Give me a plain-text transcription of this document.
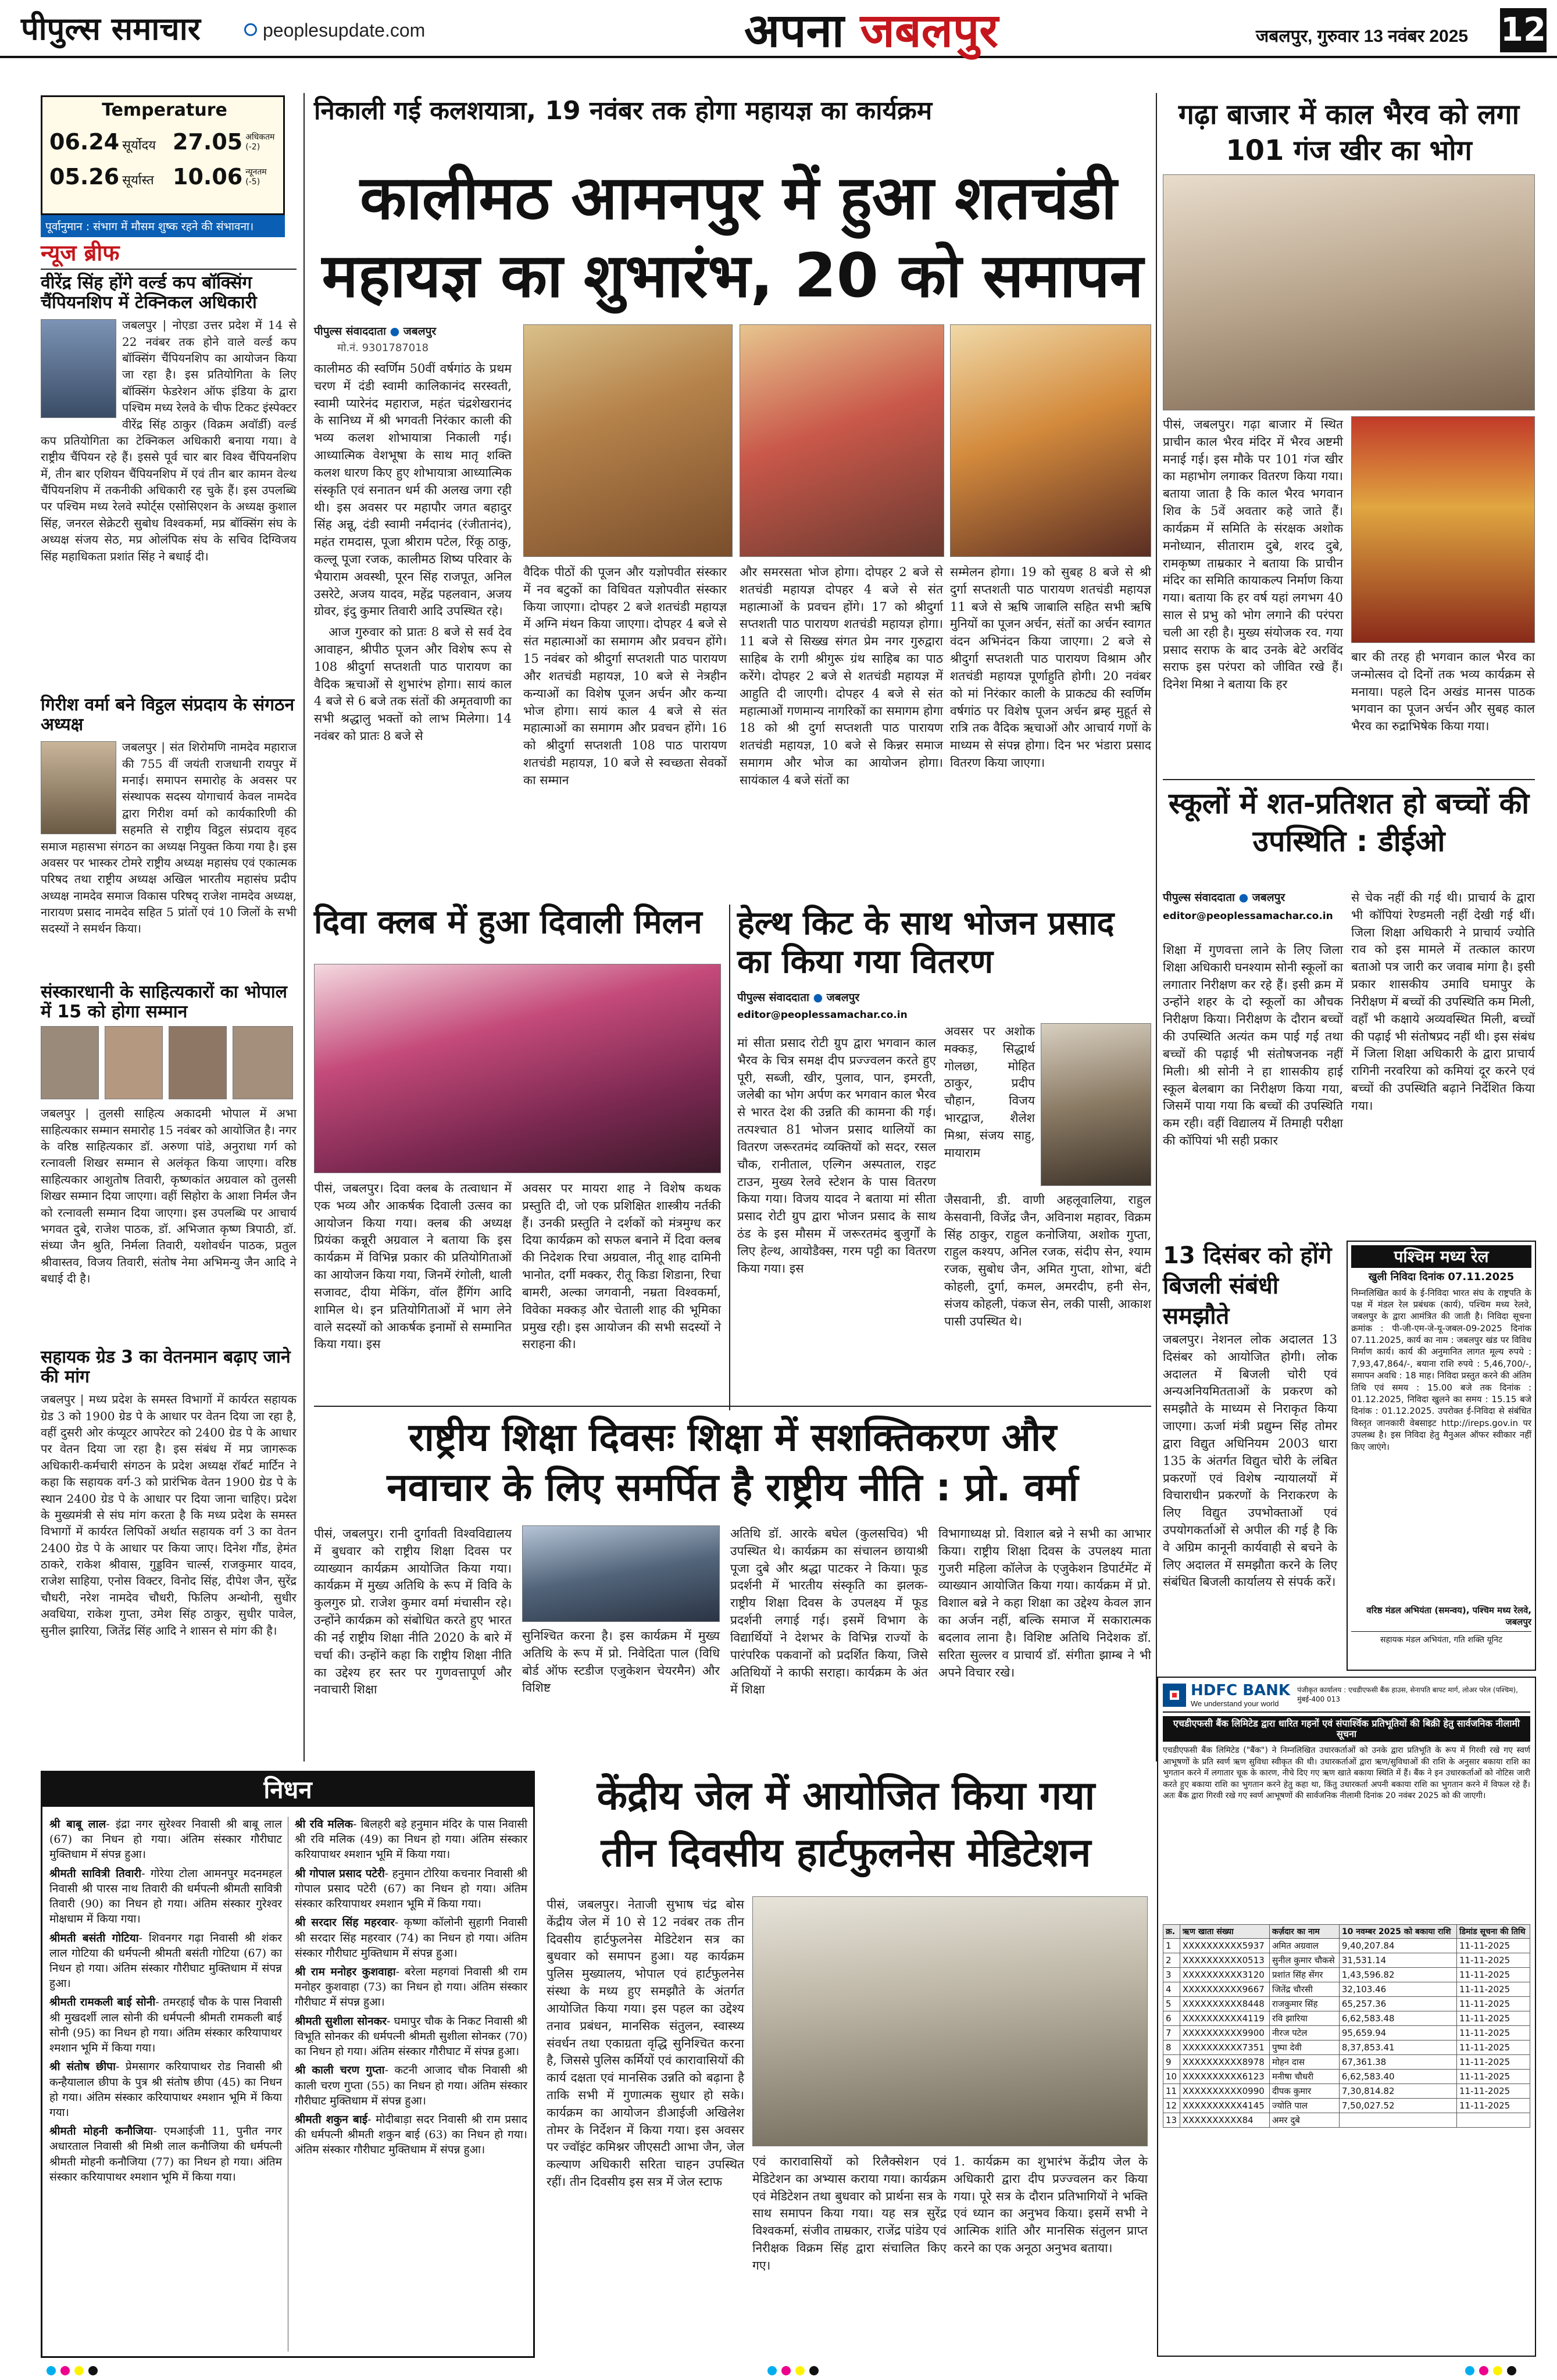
पीपुल्स समाचार	peoplesupdate.com	अपना जबलपुर	जबलपुर, गुरुवार 13 नवंबर 2025 12
Temperature
06.24 सूर्योदय
05.26 सूर्यास्त
27.05 अधिकतम (-2)
10.06 न्यूनतम (-5)
पूर्वानुमान : संभाग में मौसम शुष्क रहने की संभावना।
न्यूज ब्रीफ
वीरेंद्र सिंह होंगे वर्ल्ड कप बॉक्सिंग चैंपियनशिप में टेक्निकल अधिकारी
जबलपुर | नोएडा उत्तर प्रदेश में 14 से 22 नवंबर तक होने वाले वर्ल्ड कप बॉक्सिंग चैंपियनशिप का आयोजन किया जा रहा है। इस प्रतियोगिता के लिए बॉक्सिंग फेडरेशन ऑफ इंडिया के द्वारा पश्चिम मध्य रेलवे के चीफ टिकट इंस्पेक्टर वीरेंद्र सिंह ठाकुर (विक्रम अवॉर्डी) वर्ल्ड कप प्रतियोगिता का टेक्निकल अधिकारी बनाया गया। वे राष्ट्रीय चैंपियन रहे हैं। इससे पूर्व चार बार विश्व चैंपियनशिप में, तीन बार एशियन चैंपियनशिप में एवं तीन बार कामन वेल्थ चैंपियनशिप में तकनीकी अधिकारी रह चुके हैं। इस उपलब्धि पर पश्चिम मध्य रेलवे स्पोर्ट्स एसोसिएशन के अध्यक्ष कुशाल सिंह, जनरल सेक्रेटरी सुबोध विश्वकर्मा, मप्र बॉक्सिंग संघ के अध्यक्ष संजय सेठ, मप्र ओलंपिक संघ के सचिव दिग्विजय सिंह महाधिकता प्रशांत सिंह ने बधाई दी।
गिरीश वर्मा बने विट्ठल संप्रदाय के संगठन अध्यक्ष
जबलपुर | संत शिरोमणि नामदेव महाराज की 755 वीं जयंती राजधानी रायपुर में मनाई। समापन समारोह के अवसर पर संस्थापक सदस्य योगाचार्य केवल नामदेव द्वारा गिरीश वर्मा को कार्यकारिणी की सहमति से राष्ट्रीय विट्ठल संप्रदाय वृहद समाज महासभा संगठन का अध्यक्ष नियुक्त किया गया है। इस अवसर पर भास्कर टोमरे राष्ट्रीय अध्यक्ष महासंघ एवं एकात्मक परिषद तथा राष्ट्रीय अध्यक्ष अखिल भारतीय महासंघ प्रदीप अध्यक्ष नामदेव समाज विकास परिषद् राजेश नामदेव अध्यक्ष, नारायण प्रसाद नामदेव सहित 5 प्रांतों एवं 10 जिलों के सभी सदस्यों ने समर्थन किया।
संस्कारधानी के साहित्यकारों का भोपाल में 15 को होगा सम्मान
जबलपुर | तुलसी साहित्य अकादमी भोपाल में अभा साहित्यकार सम्मान समारोह 15 नवंबर को आयोजित है। नगर के वरिष्ठ साहित्यकार डॉ. अरुणा पांडे, अनुराधा गर्ग को रत्नावली शिखर सम्मान से अलंकृत किया जाएगा। वरिष्ठ साहित्यकार आशुतोष तिवारी, कृष्णकांत अग्रवाल को तुलसी शिखर सम्मान दिया जाएगा। वहीं सिहोरा के आशा निर्मल जैन को रत्नावली सम्मान दिया जाएगा। इस उपलब्धि पर आचार्य भगवत दुबे, राजेश पाठक, डॉ. अभिजात कृष्ण त्रिपाठी, डॉ. संध्या जैन श्रुति, निर्मला तिवारी, यशोवर्धन पाठक, प्रतुल श्रीवास्तव, विजय तिवारी, संतोष नेमा अभिमन्यु जैन आदि ने बधाई दी है।
सहायक ग्रेड 3 का वेतनमान बढ़ाए जाने की मांग
जबलपुर | मध्य प्रदेश के समस्त विभागों में कार्यरत सहायक ग्रेड 3 को 1900 ग्रेड पे के आधार पर वेतन दिया जा रहा है, वहीं दुसरी ओर कंप्यूटर आपरेटर को 2400 ग्रेड पे के आधार पर वेतन दिया जा रहा है। इस संबंध में मप्र जागरूक अधिकारी-कर्मचारी संगठन के प्रदेश अध्यक्ष रॉबर्ट मार्टिन ने कहा कि सहायक वर्ग-3 को प्रारंभिक वेतन 1900 ग्रेड पे के स्थान 2400 ग्रेड पे के आधार पर दिया जाना चाहिए। प्रदेश के मुख्यमंत्री से संघ मांग करता है कि मध्य प्रदेश के समस्त विभागों में कार्यरत लिपिकों अर्थात सहायक वर्ग 3 का वेतन 2400 ग्रेड पे के आधार पर किया जाए। दिनेश गौंड, हेमंत ठाकरे, राकेश श्रीवास, गुड्डविन चार्ल्स, राजकुमार यादव, राजेश साहिया, एनोस विक्टर, विनोद सिंह, दीपेश जैन, सुरेंद्र चौधरी, नरेश नामदेव चौधरी, फिलिप अन्थोनी, सुधीर अवधिया, राकेश गुप्ता, उमेश सिंह ठाकुर, सुधीर पावेल, सुनील झारिया, जितेंद्र सिंह आदि ने शासन से मांग की है।
निकाली गई कलशयात्रा, 19 नवंबर तक होगा महायज्ञ का कार्यक्रम
कालीमठ आमनपुर में हुआ शतचंडी
महायज्ञ का शुभारंभ, 20 को समापन
पीपुल्स संवाददाता ● जबलपुर
मो.नं. 9301787018
कालीमठ की स्वर्णिम 50वीं वर्षगांठ के प्रथम चरण में दंडी स्वामी कालिकानंद सरस्वती, स्वामी प्यारेनंद महाराज, महंत चंद्रशेखरानंद के सानिध्य में श्री भगवती निरंकार काली की भव्य कलश शोभायात्रा निकाली गई। आध्यात्मिक वेशभूषा के साथ मातृ शक्ति कलश धारण किए हुए शोभायात्रा आध्यात्मिक संस्कृति एवं सनातन धर्म की अलख जगा रही थी। इस अवसर पर महापौर जगत बहादुर सिंह अन्नू, दंडी स्वामी नर्मदानंद (रंजीतानंद), महंत रामदास, पूजा श्रीराम पटेल, रिंकू ठाकु, कल्लू पूजा रजक, कालीमठ शिष्य परिवार के भैयाराम अवस्थी, पूरन सिंह राजपूत, अनिल उसरेटे, अजय यादव, महेंद्र पहलवान, अजय ग्रोवर, इंदु कुमार तिवारी आदि उपस्थित रहे।
आज गुरुवार को प्रातः 8 बजे से सर्व देव आवाहन, श्रीपीठ पूजन और विशेष रूप से 108 श्रीदुर्गा सप्तशती पाठ पारायण का वैदिक ऋचाओं से शुभारंभ होगा। सायं काल 4 बजे से 6 बजे तक संतों की अमृतवाणी का सभी श्रद्धालु भक्तों को लाभ मिलेगा। 14 नवंबर को प्रातः 8 बजे से
वैदिक पीठों की पूजन और यज्ञोपवीत संस्कार में नव बटुकों का विधिवत यज्ञोपवीत संस्कार किया जाएगा। दोपहर 2 बजे शतचंडी महायज्ञ में अग्नि मंथन किया जाएगा। दोपहर 4 बजे से संत महात्माओं का समागम और प्रवचन होंगे। 15 नवंबर को श्रीदुर्गा सप्तशती पाठ पारायण और शतचंडी महायज्ञ, 10 बजे से नेत्रहीन कन्याओं का विशेष पूजन अर्चन और कन्या भोज होगा। सायं काल 4 बजे से संत महात्माओं का समागम और प्रवचन होंगे। 16 को श्रीदुर्गा सप्तशती 108 पाठ पारायण शतचंडी महायज्ञ, 10 बजे से स्वच्छता सेवकों का सम्मान
और समरसता भोज होगा। दोपहर 2 बजे से शतचंडी महायज्ञ दोपहर 4 बजे से संत महात्माओं के प्रवचन होंगे। 17 को श्रीदुर्गा सप्तशती पाठ पारायण शतचंडी महायज्ञ होगा। 11 बजे से सिख्ख संगत प्रेम नगर गुरुद्वारा साहिब के रागी श्रीगुरू ग्रंथ साहिब का पाठ करेंगे। दोपहर 2 बजे से शतचंडी महायज्ञ में आहुति दी जाएगी। दोपहर 4 बजे से संत महात्माओं गणमान्य नागरिकों का समागम होगा 18 को श्री दुर्गा सप्तशती पाठ पारायण शतचंडी महायज्ञ, 10 बजे से किन्नर समाज समागम और भोज का आयोजन होगा। सायंकाल 4 बजे संतों का
सम्मेलन होगा। 19 को सुबह 8 बजे से श्री दुर्गा सप्तशती पाठ पारायण शतचंडी महायज्ञ 11 बजे से ऋषि जाबालि सहित सभी ऋषि मुनियों का पूजन अर्चन, संतों का अर्चन स्वागत वंदन अभिनंदन किया जाएगा। 2 बजे से श्रीदुर्गा सप्तशती पाठ पारायण विश्राम और शतचंडी महायज्ञ पूर्णाहुति होगी। 20 नवंबर को मां निरंकार काली के प्राकट्य की स्वर्णिम वर्षगांठ पर विशेष पूजन अर्चन ब्रम्ह मुहूर्त से रात्रि तक वैदिक ऋचाओं और आचार्य गणों के माध्यम से संपन्न होगा। दिन भर भंडारा प्रसाद वितरण किया जाएगा।
गढ़ा बाजार में काल भैरव को लगा 101 गंज खीर का भोग
पीसं, जबलपुर। गढ़ा बाजार में स्थित प्राचीन काल भैरव मंदिर में भैरव अष्टमी मनाई गई। इस मौके पर 101 गंज खीर का महाभोग लगाकर वितरण किया गया। बताया जाता है कि काल भैरव भगवान शिव के 5वें अवतार कहे जाते हैं। कार्यक्रम में समिति के संरक्षक अशोक मनोध्यान, सीताराम दुबे, शरद दुबे, रामकृष्ण ताम्रकार ने बताया कि प्राचीन मंदिर का समिति कायाकल्प निर्माण किया गया। बताया कि हर वर्ष यहां लगभग 40 साल से प्रभु को भोग लगाने की परंपरा चली आ रही है। मुख्य संयोजक रव. गया प्रसाद सराफ के बाद उनके बेटे अरविंद सराफ इस परंपरा को जीवित रखे हैं। दिनेश मिश्रा ने बताया कि हर
बार की तरह ही भगवान काल भैरव का जन्मोत्सव दो दिनों तक भव्य कार्यक्रम से मनाया। पहले दिन अखंड मानस पाठक भगवान का पूजन अर्चन और सुबह काल भैरव का रुद्राभिषेक किया गया।
स्कूलों में शत-प्रतिशत हो बच्चों की उपस्थिति : डीईओ
पीपुल्स संवाददाता ● जबलपुर
editor@peoplessamachar.co.in
शिक्षा में गुणवत्ता लाने के लिए जिला शिक्षा अधिकारी घनश्याम सोनी स्कूलों का लगातार निरीक्षण कर रहे हैं। इसी क्रम में उन्होंने शहर के दो स्कूलों का औचक निरीक्षण किया। निरीक्षण के दौरान बच्चों की उपस्थिति अत्यंत कम पाई गई तथा बच्चों की पढ़ाई भी संतोषजनक नहीं मिली। श्री सोनी ने हा शासकीय हाई स्कूल बेलबाग का निरीक्षण किया गया, जिसमें पाया गया कि बच्चों की उपस्थिति कम रही। वहीं विद्यालय में तिमाही परीक्षा की कॉपियां भी सही प्रकार
से चेक नहीं की गई थी। प्राचार्य के द्वारा भी कॉपियां रेण्डमली नहीं देखी गई थीं। जिला शिक्षा अधिकारी ने प्राचार्य ज्योति राव को इस मामले में तत्काल कारण बताओ पत्र जारी कर जवाब मांगा है। इसी प्रकार शासकीय उमावि घमापुर के निरीक्षण में बच्चों की उपस्थिति कम मिली, वहाँ भी कक्षाये अव्यवस्थित मिली, बच्चों की पढ़ाई भी संतोषप्रद नहीं थी। इस संबंध में जिला शिक्षा अधिकारी के द्वारा प्राचार्य रागिनी नरवरिया को कमियां दूर करने एवं बच्चों की उपस्थिति बढ़ाने निर्देशित किया गया।
दिवा क्लब में हुआ दिवाली मिलन
पीसं, जबलपुर। दिवा क्लब के तत्वाधान में एक भव्य और आकर्षक दिवाली उत्सव का आयोजन किया गया। क्लब की अध्यक्ष प्रियंका कन्नूरी अग्रवाल ने बताया कि इस कार्यक्रम में विभिन्न प्रकार की प्रतियोगिताओं का आयोजन किया गया, जिनमें रंगोली, थाली सजावट, दीया मेकिंग, वॉल हैंगिंग आदि शामिल थे। इन प्रतियोगिताओं में भाग लेने वाले सदस्यों को आकर्षक इनामों से सम्मानित किया गया। इस
अवसर पर मायरा शाह ने विशेष कथक प्रस्तुति दी, जो एक प्रशिक्षित शास्त्रीय नर्तकी हैं। उनकी प्रस्तुति ने दर्शकों को मंत्रमुग्ध कर दिया कार्यक्रम को सफल बनाने में दिवा क्लब की निदेशक रिचा अग्रवाल, नीतू शाह दामिनी भानोत, दर्गी मक्कर, रीतू किडा शिडाना, रिचा बामरी, अल्का जगवानी, नम्रता विश्वकर्मा, विवेका मक्कड़ और चेताली शाह की भूमिका प्रमुख रही। इस आयोजन की सभी सदस्यों ने सराहना की।
हेल्थ किट के साथ भोजन प्रसाद का किया गया वितरण
पीपुल्स संवाददाता ● जबलपुर
editor@peoplessamachar.co.in
अवसर पर अशोक मक्कड़, सिद्धार्थ गोलछा, मोहित ठाकुर, प्रदीप चौहान, विजय भारद्वाज, शैलेश मिश्रा, संजय साहु, मायाराम
मां सीता प्रसाद रोटी ग्रुप द्वारा भगवान काल भैरव के चित्र समक्ष दीप प्रज्ज्वलन करते हुए पूरी, सब्जी, खीर, पुलाव, पान, इमरती, जलेबी का भोग अर्पण कर भगवान काल भैरव से भारत देश की उन्नति की कामना की गई। तत्पश्चात 81 भोजन प्रसाद थालियों का वितरण जरूरतमंद व्यक्तियों को सदर, रसल चौक, रानीताल, एल्गिन अस्पताल, राइट टाउन, मुख्य रेलवे स्टेशन के पास वितरण किया गया। विजय यादव ने बताया मां सीता प्रसाद रोटी ग्रुप द्वारा भोजन प्रसाद के साथ ठंड के इस मौसम में जरूरतमंद बुजुर्गों के लिए हेल्थ, आयोडैक्स, गरम पट्टी का वितरण किया गया। इस
जैसवानी, डी. वाणी अहलूवालिया, राहुल केसवानी, विजेंद्र जैन, अविनाश महावर, विक्रम सिंह ठाकुर, राहुल कनोजिया, अशोक गुप्ता, राहुल कश्यप, अनिल रजक, संदीप सेन, श्याम रजक, सुबोध जैन, अमित गुप्ता, शोभा, बंटी कोहली, दुर्गा, कमल, अमरदीप, हनी सेन, संजय कोहली, पंकज सेन, लकी पासी, आकाश पासी उपस्थित थे।
राष्ट्रीय शिक्षा दिवसः शिक्षा में सशक्तिकरण और
नवाचार के लिए समर्पित है राष्ट्रीय नीति : प्रो. वर्मा
पीसं, जबलपुर। रानी दुर्गावती विश्वविद्यालय में बुधवार को राष्ट्रीय शिक्षा दिवस पर व्याख्यान कार्यक्रम आयोजित किया गया। कार्यक्रम में मुख्य अतिथि के रूप में विवि के कुलगुरु प्रो. राजेश कुमार वर्मा मंचासीन रहे। उन्होंने कार्यक्रम को संबोधित करते हुए भारत की नई राष्ट्रीय शिक्षा नीति 2020 के बारे में चर्चा की। उन्होंने कहा कि राष्ट्रीय शिक्षा नीति का उद्देश्य हर स्तर पर गुणवत्तापूर्ण और नवाचारी शिक्षा
सुनिश्चित करना है। इस कार्यक्रम में मुख्य अतिथि के रूप में प्रो. निवेदिता पाल (विधि बोर्ड ऑफ स्टडीज एजुकेशन चेयरमैन) और विशिष्ट
अतिथि डॉ. आरके बघेल (कुलसचिव) भी उपस्थित थे। कार्यक्रम का संचालन छायाश्री पूजा दुबे और श्रद्धा पाटकर ने किया। फूड प्रदर्शनी में भारतीय संस्कृति का झलक- राष्ट्रीय शिक्षा दिवस के उपलक्ष्य में फूड प्रदर्शनी लगाई गई। इसमें विभाग के विद्यार्थियों ने देशभर के विभिन्न राज्यों के पारंपरिक पकवानों को प्रदर्शित किया, जिसे अतिथियों ने काफी सराहा। कार्यक्रम के अंत में शिक्षा
विभागाध्यक्ष प्रो. विशाल बन्ने ने सभी का आभार किया। राष्ट्रीय शिक्षा दिवस के उपलक्ष्य माता गुजरी महिला कॉलेज के एजुकेशन डिपार्टमेंट में व्याख्यान आयोजित किया गया। कार्यक्रम में प्रो. विशाल बन्ने ने कहा शिक्षा का उद्देश्य केवल ज्ञान का अर्जन नहीं, बल्कि समाज में सकारात्मक बदलाव लाना है। विशिष्ट अतिथि निदेशक डॉ. सरिता सुल्लर व प्राचार्य डॉ. संगीता झाम्ब ने भी अपने विचार रखे।
13 दिसंबर को होंगे बिजली संबंधी समझौते
जबलपुर। नेशनल लोक अदालत 13 दिसंबर को आयोजित होगी। लोक अदालत में बिजली चोरी एवं अन्यअनियमितताओं के प्रकरण को समझौते के माध्यम से निराकृत किया जाएगा। ऊर्जा मंत्री प्रद्युम्न सिंह तोमर द्वारा विद्युत अधिनियम 2003 धारा 135 के अंतर्गत विद्युत चोरी के लंबित प्रकरणों एवं विशेष न्यायालयों में विचाराधीन प्रकरणों के निराकरण के लिए विद्युत उपभोक्ताओं एवं उपयोगकर्ताओं से अपील की गई है कि वे अग्रिम कानूनी कार्यवाही से बचने के लिए अदालत में समझौता करने के लिए संबंधित बिजली कार्यालय से संपर्क करें।
पश्चिम मध्य रेल
खुली निविदा दिनांक 07.11.2025
निम्नलिखित कार्य के ई-निविदा भारत संघ के राष्ट्रपति के पक्ष में मंडल रेल प्रबंधक (कार्य), पश्चिम मध्य रेलवे, जबलपुर के द्वारा आमंत्रित की जाती है। निविदा सूचना क्रमांक : पी-जी-एम-जे-यू-जबल-09-2025 दिनांक 07.11.2025, कार्य का नाम : जबलपुर खंड पर विविध निर्माण कार्य। कार्य की अनुमानित लागत मूल्य रुपये : 7,93,47,864/-, बयाना राशि रुपये : 5,46,700/-, समापन अवधि : 18 माह। निविदा प्रस्तुत करने की अंतिम तिथि एवं समय : 15.00 बजे तक दिनांक : 01.12.2025, निविदा खुलने का समय : 15.15 बजे दिनांक : 01.12.2025. उपरोक्त ई-निविदा से संबंधित विस्तृत जानकारी वेबसाइट http://ireps.gov.in पर उपलब्ध है। इस निविदा हेतु मैनुअल ऑफर स्वीकार नहीं किए जाएंगे।
वरिष्ठ मंडल अभियंता (समन्वय), पश्चिम मध्य रेलवे, जबलपुर
सहायक मंडल अभियंता, गति शक्ति यूनिट
निधन
श्री बाबू लाल- इंद्रा नगर सुरेश्वर निवासी श्री बाबू लाल (67) का निधन हो गया। अंतिम संस्कार गौरीघाट मुक्तिधाम में संपन्न हुआ।
श्रीमती सावित्री तिवारी- गोरेया टोला आमनपुर मदनमहल निवासी श्री पारस नाथ तिवारी की धर्मपत्नी श्रीमती सावित्री तिवारी (90) का निधन हो गया। अंतिम संस्कार गुरेश्वर मोक्षधाम में किया गया।
श्रीमती बसंती गोटिया- शिवनगर गढ़ा निवासी श्री शंकर लाल गोटिया की धर्मपत्नी श्रीमती बसंती गोटिया (67) का निधन हो गया। अंतिम संस्कार गौरीघाट मुक्तिधाम में संपन्न हुआ।
श्रीमती रामकली बाई सोनी- तमरहाई चौक के पास निवासी श्री मुखदर्शी लाल सोनी की धर्मपत्नी श्रीमती रामकली बाई सोनी (95) का निधन हो गया। अंतिम संस्कार करियापाथर श्मशान भूमि में किया गया।
श्री संतोष छीपा- प्रेमसागर करियापाथर रोड निवासी श्री कन्हैयालाल छीपा के पुत्र श्री संतोष छीपा (45) का निधन हो गया। अंतिम संस्कार करियापाथर श्मशान भूमि में किया गया।
श्रीमती मोहनी कनौजिया- एमआईजी 11, पुनीत नगर अधारताल निवासी श्री मिश्री लाल कनौजिया की धर्मपत्नी श्रीमती मोहनी कनौजिया (77) का निधन हो गया। अंतिम संस्कार करियापाथर श्मशान भूमि में किया गया।
श्री रवि मलिक- बिलहरी बड़े हनुमान मंदिर के पास निवासी श्री रवि मलिक (49) का निधन हो गया। अंतिम संस्कार करियापाथर श्मशान भूमि में किया गया।
श्री गोपाल प्रसाद पटेरी- हनुमान टोरिया कचनार निवासी श्री गोपाल प्रसाद पटेरी (67) का निधन हो गया। अंतिम संस्कार करियापाथर श्मशान भूमि में किया गया।
श्री सरदार सिंह महरवार- कृष्णा कॉलोनी सुहागी निवासी श्री सरदार सिंह महरवार (74) का निधन हो गया। अंतिम संस्कार गौरीघाट मुक्तिधाम में संपन्न हुआ।
श्री राम मनोहर कुशवाहा- बरेला महगवां निवासी श्री राम मनोहर कुशवाहा (73) का निधन हो गया। अंतिम संस्कार गौरीघाट में संपन्न हुआ।
श्रीमती सुशीला सोनकर- घमापुर चौक के निकट निवासी श्री विभूति सोनकर की धर्मपत्नी श्रीमती सुशीला सोनकर (70) का निधन हो गया। अंतिम संस्कार गौरीघाट में संपन्न हुआ।
श्री काली चरण गुप्ता- कटनी आजाद चौक निवासी श्री काली चरण गुप्ता (55) का निधन हो गया। अंतिम संस्कार गौरीघाट मुक्तिधाम में संपन्न हुआ।
श्रीमती शकुन बाई- मोदीबाड़ा सदर निवासी श्री राम प्रसाद की धर्मपत्नी श्रीमती शकुन बाई (63) का निधन हो गया। अंतिम संस्कार गौरीघाट मुक्तिधाम में संपन्न हुआ।
केंद्रीय जेल में आयोजित किया गया
तीन दिवसीय हार्टफुलनेस मेडिटेशन
पीसं, जबलपुर। नेताजी सुभाष चंद्र बोस केंद्रीय जेल में 10 से 12 नवंबर तक तीन दिवसीय हार्टफुलनेस मेडिटेशन सत्र का बुधवार को समापन हुआ। यह कार्यक्रम पुलिस मुख्यालय, भोपाल एवं हार्टफुलनेस संस्था के मध्य हुए समझौते के अंतर्गत आयोजित किया गया। इस पहल का उद्देश्य तनाव प्रबंधन, मानसिक संतुलन, स्वास्थ्य संवर्धन तथा एकाग्रता वृद्धि सुनिश्चित करना है, जिससे पुलिस कर्मियों एवं कारावासियों की कार्य दक्षता एवं मानसिक उन्नति को बढ़ाना है ताकि सभी में गुणात्मक सुधार हो सके। कार्यक्रम का आयोजन डीआईजी अखिलेश तोमर के निर्देशन में किया गया। इस अवसर पर ज्वॉइंट कमिश्नर जीएसटी आभा जैन, जेल कल्याण अधिकारी सरिता चाहन उपस्थित रहीं। तीन दिवसीय इस सत्र में जेल स्टाफ
एवं कारावासियों को रिलैक्सेशन एवं मेडिटेशन का अभ्यास कराया गया। कार्यक्रम एवं मेडिटेशन तथा बुधवार को प्रार्थना सत्र के साथ समापन किया गया। यह सत्र सुरेंद्र विश्वकर्मा, संजीव ताम्रकार, राजेंद्र पांडेय एवं निरीक्षक विक्रम सिंह द्वारा संचालित किए गए।
1. कार्यक्रम का शुभारंभ केंद्रीय जेल के अधिकारी द्वारा दीप प्रज्ज्वलन कर किया गया। पूरे सत्र के दौरान प्रतिभागियों ने भक्ति एवं ध्यान का अनुभव किया। इसमें सभी ने आत्मिक शांति और मानसिक संतुलन प्राप्त करने का एक अनूठा अनुभव बताया।
HDFC BANK
We understand your world
पंजीकृत कार्यालय : एचडीएफसी बैंक हाउस, सेनापति बापट मार्ग, लोअर परेल (पश्चिम), मुंबई-400 013
एचडीएफसी बैंक लिमिटेड द्वारा धारित गहनों एवं संपार्श्विक प्रतिभूतियों की बिक्री हेतु सार्वजनिक नीलामी सूचना
एचडीएफसी बैंक लिमिटेड ("बैंक") ने निम्नलिखित उधारकर्ताओं को उनके द्वारा प्रतिभूति के रूप में गिरवी रखे गए स्वर्ण आभूषणों के प्रति स्वर्ण ऋण सुविधा स्वीकृत की थी। उधारकर्ताओं द्वारा ऋण/सुविधाओं की राशि के अनुसार बकाया राशि का भुगतान करने में लगातार चूक के कारण, नीचे दिए गए ऋण खाते बकाया स्थिति में हैं। बैंक ने इन उधारकर्ताओं को नोटिस जारी करते हुए बकाया राशि का भुगतान करने हेतु कहा था, किंतु उधारकर्ता अपनी बकाया राशि का भुगतान करने में विफल रहे हैं। अतः बैंक द्वारा गिरवी रखे गए स्वर्ण आभूषणों की सार्वजनिक नीलामी दिनांक 20 नवंबर 2025 को की जाएगी।
क्र.	ऋण खाता संख्या	कर्ज़दार का नाम	10 नवम्बर 2025 को बकाया राशि	डिमांड सूचना की तिथि
1	XXXXXXXXXX5937	अमित अग्रवाल	9,40,207.84	11-11-2025
2	XXXXXXXXXX0513	सुनील कुमार चौकसे	31,531.14	11-11-2025
3	XXXXXXXXXX3120	प्रशांत सिंह सेंगर	1,43,596.82	11-11-2025
4	XXXXXXXXXX9667	जितेंद्र चौरसी	32,103.46	11-11-2025
5	XXXXXXXXXX8448	राजकुमार सिंह	65,257.36	11-11-2025
6	XXXXXXXXXX4119	रवि झारिया	6,62,583.48	11-11-2025
7	XXXXXXXXXX9900	नीरज पटेल	95,659.94	11-11-2025
8	XXXXXXXXXX7351	पुष्पा देवी	8,37,853.41	11-11-2025
9	XXXXXXXXXX8978	मोहन दास	67,361.38	11-11-2025
10	XXXXXXXXXX6123	मनीषा चौधरी	6,62,583.40	11-11-2025
11	XXXXXXXXXX0990	दीपक कुमार	7,30,814.82	11-11-2025
12	XXXXXXXXXX4145	ज्योति पाल	7,50,027.52	11-11-2025
13	XXXXXXXXXX84	अमर दुबे		
